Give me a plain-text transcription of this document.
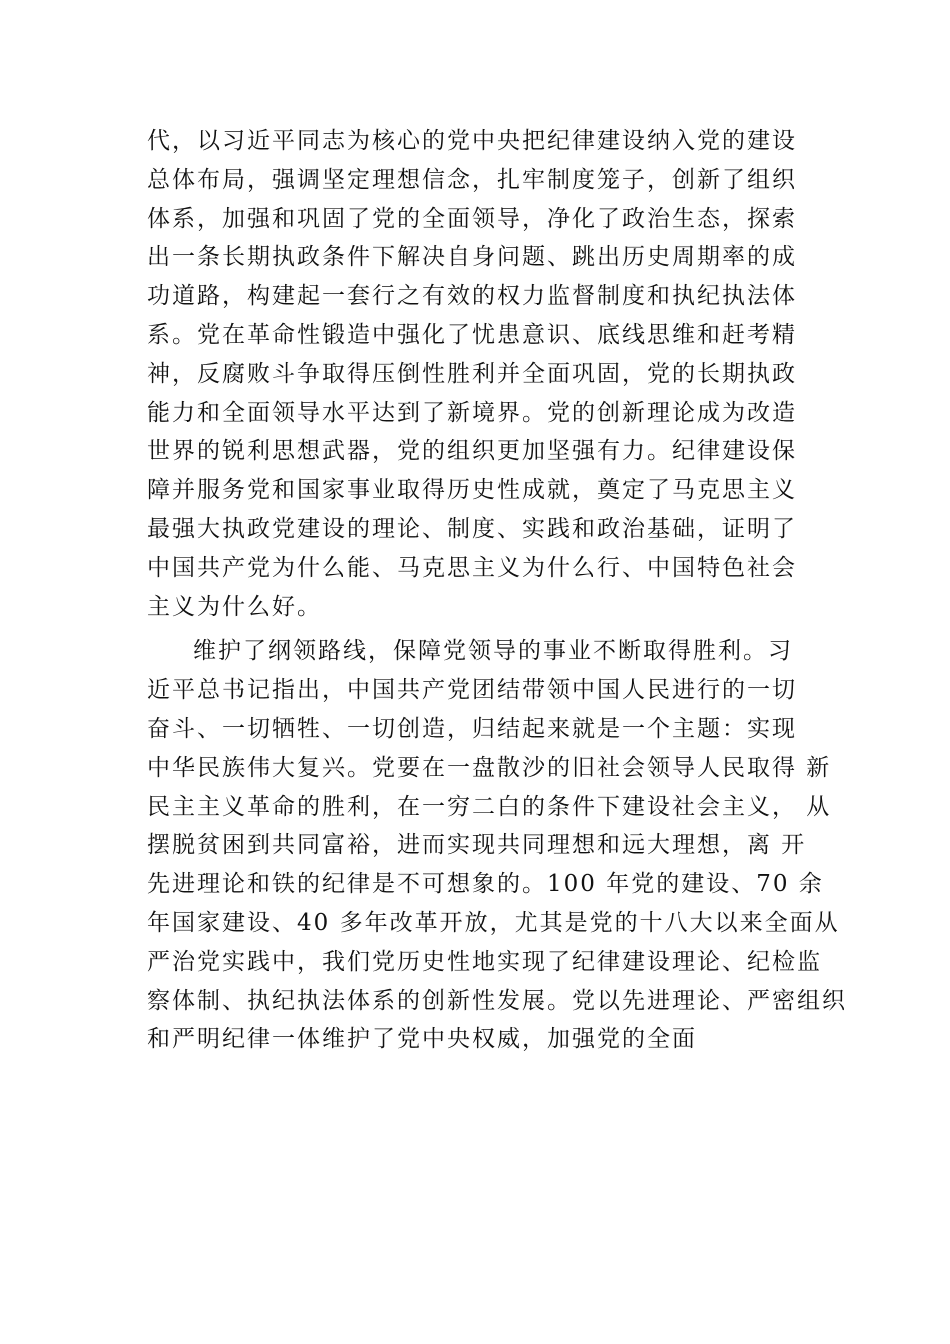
代，以习近平同志为核心的党中央把纪律建设纳入党的建设
总体布局，强调坚定理想信念，扎牢制度笼子，创新了组织
体系，加强和巩固了党的全面领导，净化了政治生态，探索
出一条长期执政条件下解决自身问题、跳出历史周期率的成
功道路，构建起一套行之有效的权力监督制度和执纪执法体
系。党在革命性锻造中强化了忧患意识、底线思维和赶考精
神，反腐败斗争取得压倒性胜利并全面巩固，党的长期执政
能力和全面领导水平达到了新境界。党的创新理论成为改造
世界的锐利思想武器，党的组织更加坚强有力。纪律建设保
障并服务党和国家事业取得历史性成就，奠定了马克思主义
最强大执政党建设的理论、制度、实践和政治基础，证明了
中国共产党为什么能、马克思主义为什么行、中国特色社会
主义为什么好。
维护了纲领路线，保障党领导的事业不断取得胜利。习
近平总书记指出，中国共产党团结带领中国人民进行的一切
奋斗、一切牺牲、一切创造，归结起来就是一个主题：实现
中华民族伟大复兴。党要在一盘散沙的旧社会领导人民取得 新
民主主义革命的胜利，在一穷二白的条件下建设社会主义， 从
摆脱贫困到共同富裕，进而实现共同理想和远大理想，离 开
先进理论和铁的纪律是不可想象的。100 年党的建设、70 余
年国家建设、40 多年改革开放，尤其是党的十八大以来全面从
严治党实践中，我们党历史性地实现了纪律建设理论、纪检监
察体制、执纪执法体系的创新性发展。党以先进理论、严密组织
和严明纪律一体维护了党中央权威，加强党的全面
